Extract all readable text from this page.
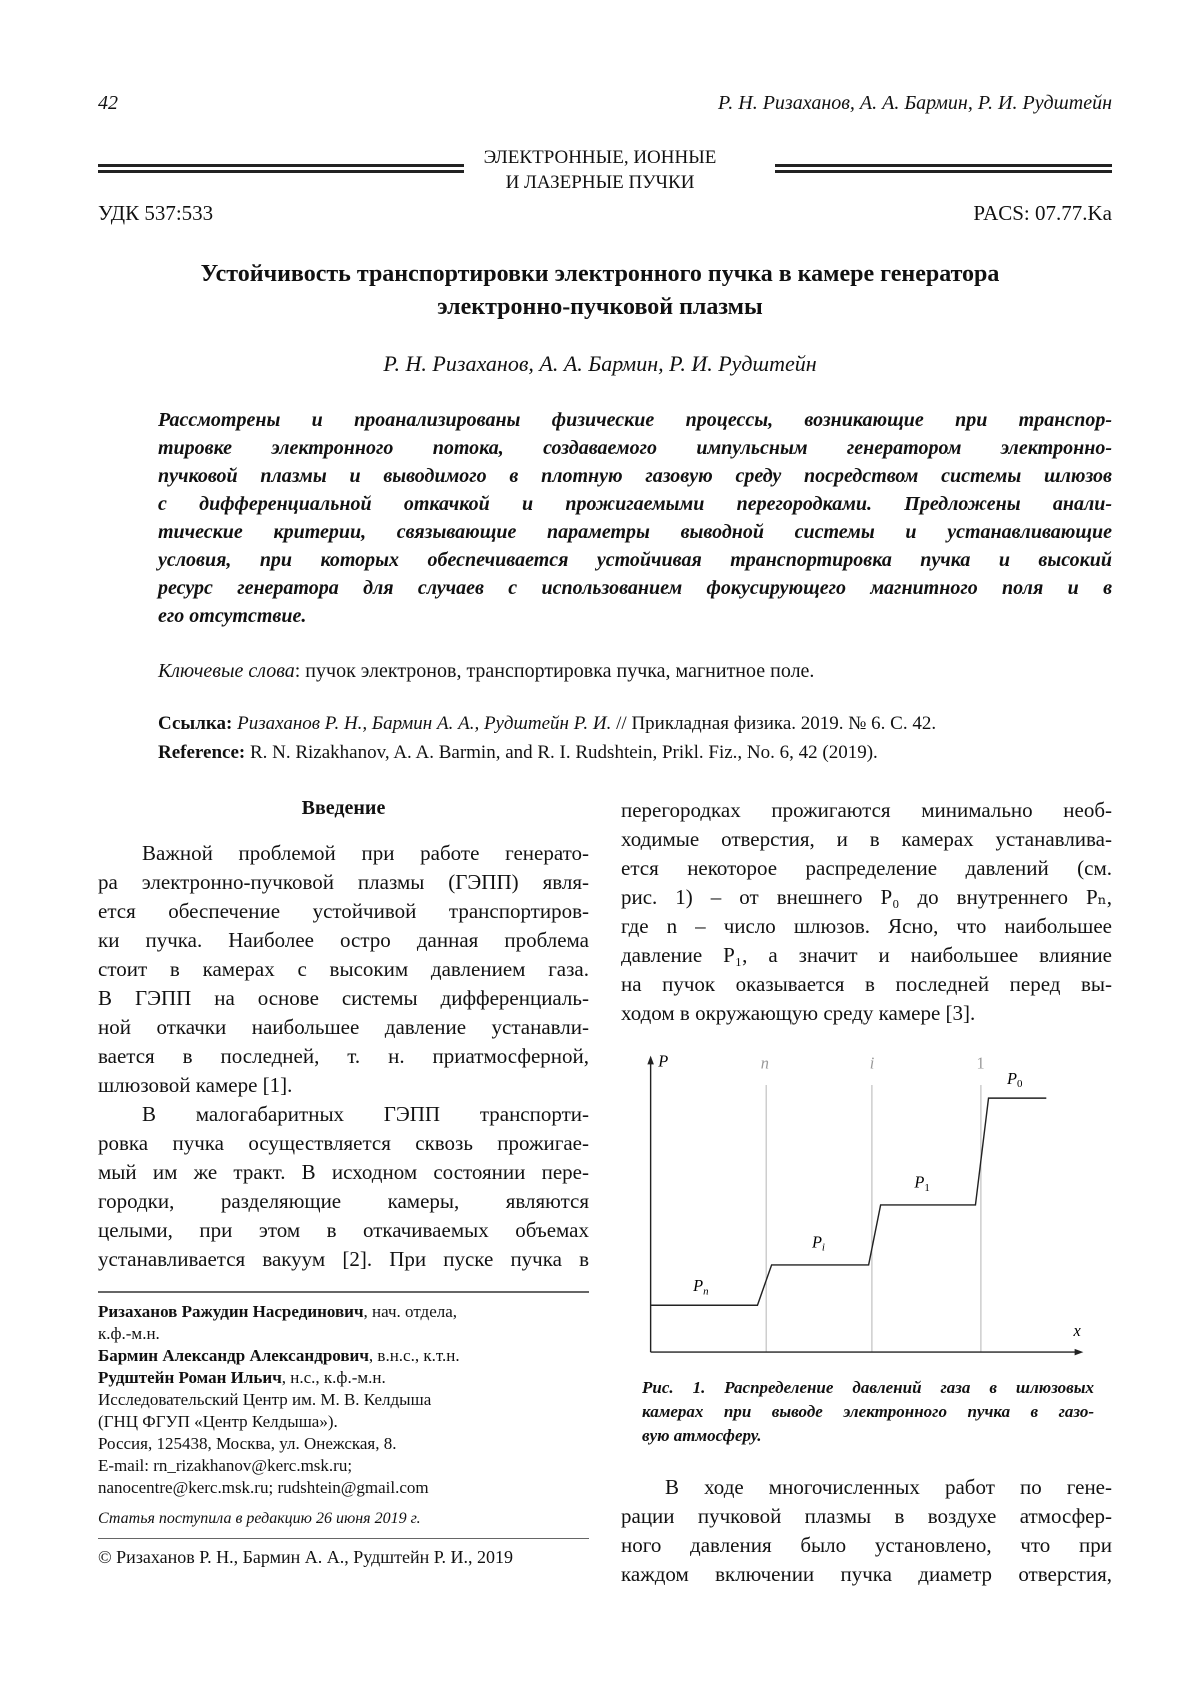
42	Р. Н. Ризаханов, А. А. Бармин, Р. И. Рудштейн
ЭЛЕКТРОННЫЕ, ИОННЫЕ
И ЛАЗЕРНЫЕ ПУЧКИ
УДК 537:533	PACS: 07.77.Ka
Устойчивость транспортировки электронного пучка в камере генератора
электронно-пучковой плазмы
Р. Н. Ризаханов, А. А. Бармин, Р. И. Рудштейн
Рассмотрены и проанализированы физические процессы, возникающие при транспор-
тировке электронного потока, создаваемого импульсным генератором электронно-
пучковой плазмы и выводимого в плотную газовую среду посредством системы шлюзов
с дифференциальной откачкой и прожигаемыми перегородками. Предложены анали-
тические критерии, связывающие параметры выводной системы и устанавливающие
условия, при которых обеспечивается устойчивая транспортировка пучка и высокий
ресурс генератора для случаев с использованием фокусирующего магнитного поля и в
его отсутствие.
Ключевые слова: пучок электронов, транспортировка пучка, магнитное поле.
Ссылка: Ризаханов Р. Н., Бармин А. А., Рудштейн Р. И. // Прикладная физика. 2019. № 6. С. 42.
Reference: R. N. Rizakhanov, A. A. Barmin, and R. I. Rudshtein, Prikl. Fiz., No. 6, 42 (2019).
Введение
Важной проблемой при работе генерато-
ра электронно-пучковой плазмы (ГЭПП) явля-
ется обеспечение устойчивой транспортиров-
ки пучка. Наиболее остро данная проблема
стоит в камерах с высоким давлением газа.
В ГЭПП на основе системы дифференциаль-
ной откачки наибольшее давление устанавли-
вается в последней, т. н. приатмосферной,
шлюзовой камере [1].
В малогабаритных ГЭПП транспорти-
ровка пучка осуществляется сквозь прожигае-
мый им же тракт. В исходном состоянии пере-
городки, разделяющие камеры, являются
целыми, при этом в откачиваемых объемах
устанавливается вакуум [2]. При пуске пучка в
перегородках прожигаются минимально необ-
ходимые отверстия, и в камерах устанавлива-
ется некоторое распределение давлений (см.
рис. 1) – от внешнего P₀ до внутреннего Pₙ,
где n – число шлюзов. Ясно, что наибольшее
давление P₁, а значит и наибольшее влияние
на пучок оказывается в последней перед вы-
ходом в окружающую среду камере [3].
P
x
n	i	1
P0
P1
Pi
Pn
Рис. 1. Распределение давлений газа в шлюзовых
камерах при выводе электронного пучка в газо-
вую атмосферу.
В ходе многочисленных работ по гене-
рации пучковой плазмы в воздухе атмосфер-
ного давления было установлено, что при
каждом включении пучка диаметр отверстия,
Ризаханов Ражудин Насрединович, нач. отдела,
к.ф.-м.н.
Бармин Александр Александрович, в.н.с., к.т.н.
Рудштейн Роман Ильич, н.с., к.ф.-м.н.
Исследовательский Центр им. М. В. Келдыша
(ГНЦ ФГУП «Центр Келдыша»).
Россия, 125438, Москва, ул. Онежская, 8.
E-mail: rn_rizakhanov@kerc.msk.ru;
nanocentre@kerc.msk.ru; rudshtein@gmail.com
Статья поступила в редакцию 26 июня 2019 г.
© Ризаханов Р. Н., Бармин А. А., Рудштейн Р. И., 2019
